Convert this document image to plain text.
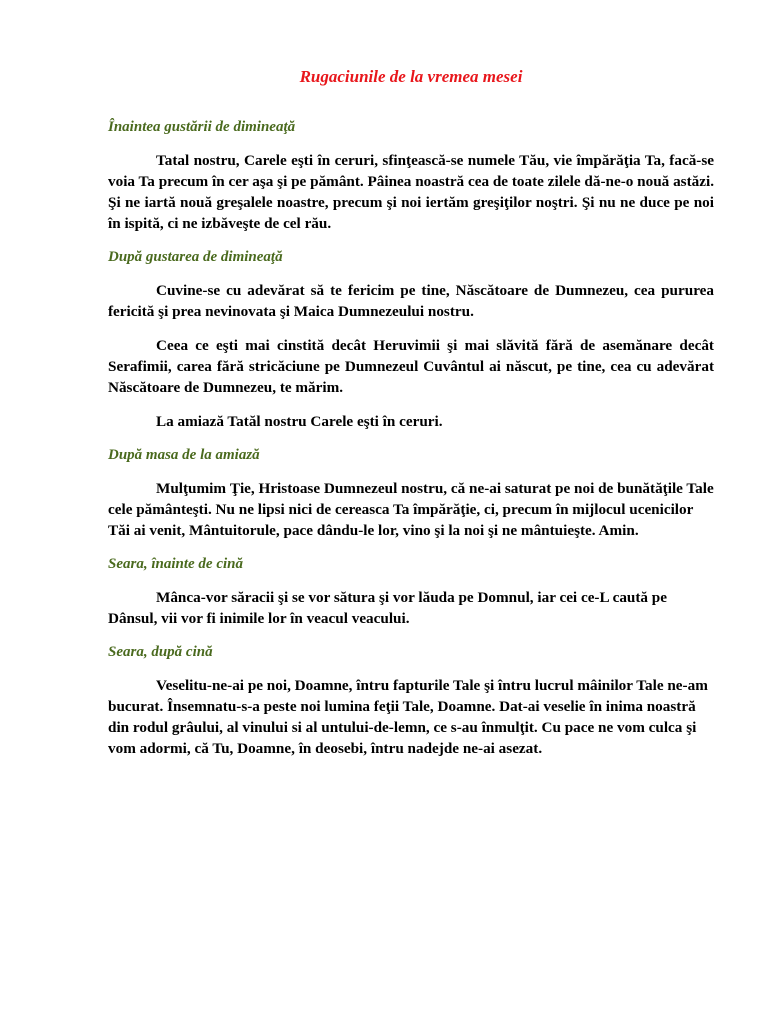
Rugaciunile de la vremea mesei
Înaintea gustării de dimineaţă

Tatal nostru, Carele eşti în ceruri, sfinţească-se numele Tău, vie împărăţia Ta, facă-se voia Ta precum în cer aşa şi pe pământ. Pâinea noastră cea de toate zilele dă-ne-o nouă astăzi. Şi ne iartă nouă greşalele noastre, precum şi noi iertăm greşiţilor noştri. Şi nu ne duce pe noi în ispită, ci ne izbăveşte de cel rău.

După gustarea de dimineaţă

Cuvine-se cu adevărat să te fericim pe tine, Născătoare de Dumnezeu, cea pururea fericită şi prea nevinovata şi Maica Dumnezeului nostru.

Ceea ce eşti mai cinstită decât Heruvimii şi mai slăvită fără de asemănare decât Serafimii, carea fără stricăciune pe Dumnezeul Cuvântul ai născut, pe tine, cea cu adevărat Născătoare de Dumnezeu, te mărim.

La amiază Tatăl nostru Carele eşti în ceruri.

După masa de la amiază

Mulţumim Ţie, Hristoase Dumnezeul nostru, că ne-ai saturat pe noi de bunătăţile Tale cele pământeşti. Nu ne lipsi nici de cereasca Ta împărăţie, ci, precum în mijlocul ucenicilor Tăi ai venit, Mântuitorule, pace dându-le lor, vino şi la noi şi ne mântuieşte. Amin.

Seara, înainte de cină

Mânca-vor săracii şi se vor sătura şi vor lăuda pe Domnul, iar cei ce-L caută pe Dânsul, vii vor fi inimile lor în veacul veacului.

Seara, după cină

Veselitu-ne-ai pe noi, Doamne, întru fapturile Tale şi întru lucrul mâinilor Tale ne-am bucurat. Însemnatu-s-a peste noi lumina feţii Tale, Doamne. Dat-ai veselie în inima noastră din rodul grâului, al vinului si al untului-de-lemn, ce s-au înmulţit. Cu pace ne vom culca şi vom adormi, că Tu, Doamne, în deosebi, întru nadejde ne-ai asezat.
